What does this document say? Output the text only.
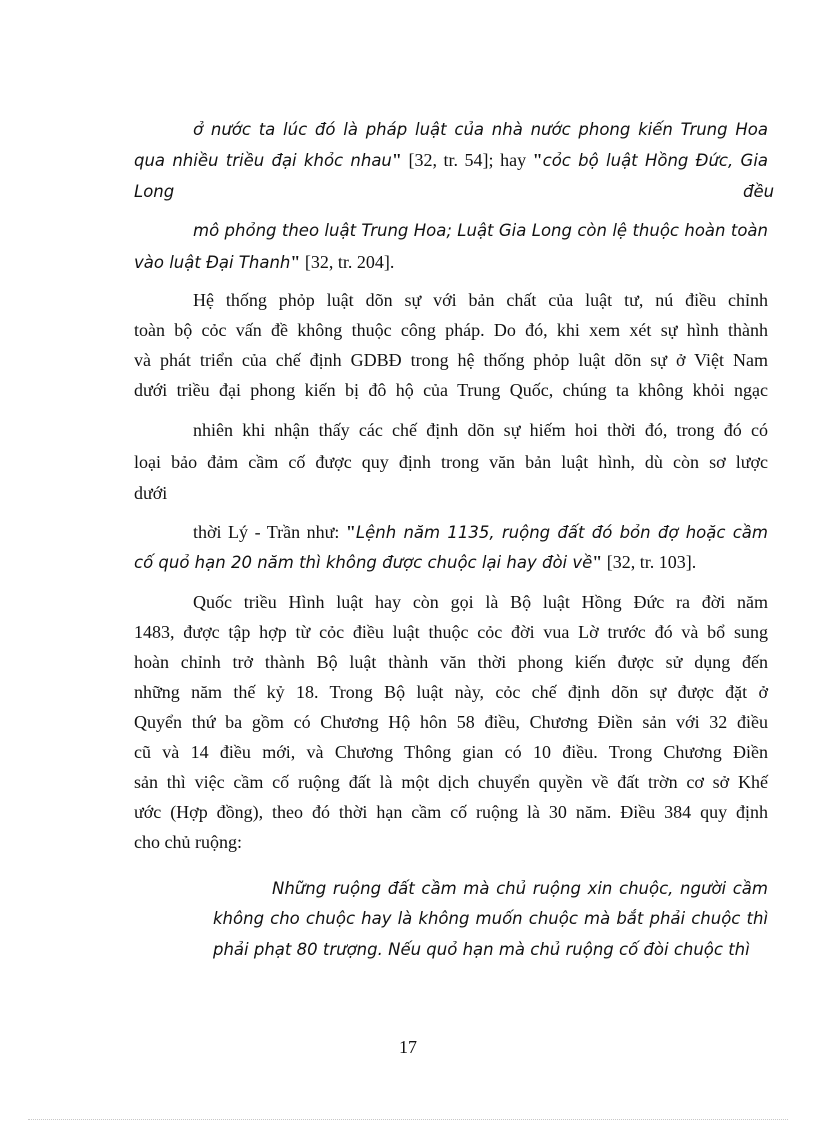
ở nước ta lúc đó là pháp luật của nhà nước phong kiến Trung Hoa
qua nhiều triều đại khỏc nhau" [32, tr. 54]; hay "cỏc bộ luật Hồng Đức, Gia
Long	đều
mô phỏng theo luật Trung Hoa; Luật Gia Long còn lệ thuộc hoàn toàn
vào luật Đại Thanh" [32, tr. 204].
Hệ thống phỏp luật dõn sự với bản chất của luật tư, nú điều chỉnh
toàn bộ cỏc vấn đề không thuộc công pháp. Do đó, khi xem xét sự hình thành
và phát triển của chế định GDBĐ trong hệ thống phỏp luật dõn sự ở Việt Nam
dưới triều đại phong kiến bị đô hộ của Trung Quốc, chúng ta không khỏi ngạc
nhiên khi nhận thấy các chế định dõn sự hiếm hoi thời đó, trong đó có
loại bảo đảm cầm cố được quy định trong văn bản luật hình, dù còn sơ lược
dưới
thời Lý - Trần như: "Lệnh năm 1135, ruộng đất đó bỏn đợ hoặc cầm
cố quỏ hạn 20 năm thì không được chuộc lại hay đòi về" [32, tr. 103].
Quốc triều Hình luật hay còn gọi là Bộ luật Hồng Đức ra đời năm
1483, được tập hợp từ cỏc điều luật thuộc cỏc đời vua Lờ trước đó và bổ sung
hoàn chỉnh trở thành Bộ luật thành văn thời phong kiến được sử dụng đến
những năm thế kỷ 18. Trong Bộ luật này, cỏc chế định dõn sự được đặt ở
Quyển thứ ba gồm có Chương Hộ hôn 58 điều, Chương Điền sản với 32 điều
cũ và 14 điều mới, và Chương Thông gian có 10 điều. Trong Chương Điền
sản thì việc cầm cố ruộng đất là một dịch chuyển quyền về đất trờn cơ sở Khế
ước (Hợp đồng), theo đó thời hạn cầm cố ruộng là 30 năm. Điều 384 quy định
cho chủ ruộng:
Những ruộng đất cầm mà chủ ruộng xin chuộc, người cầm
không cho chuộc hay là không muốn chuộc mà bắt phải chuộc thì
phải phạt 80 trượng. Nếu quỏ hạn mà chủ ruộng cố đòi chuộc thì
17
